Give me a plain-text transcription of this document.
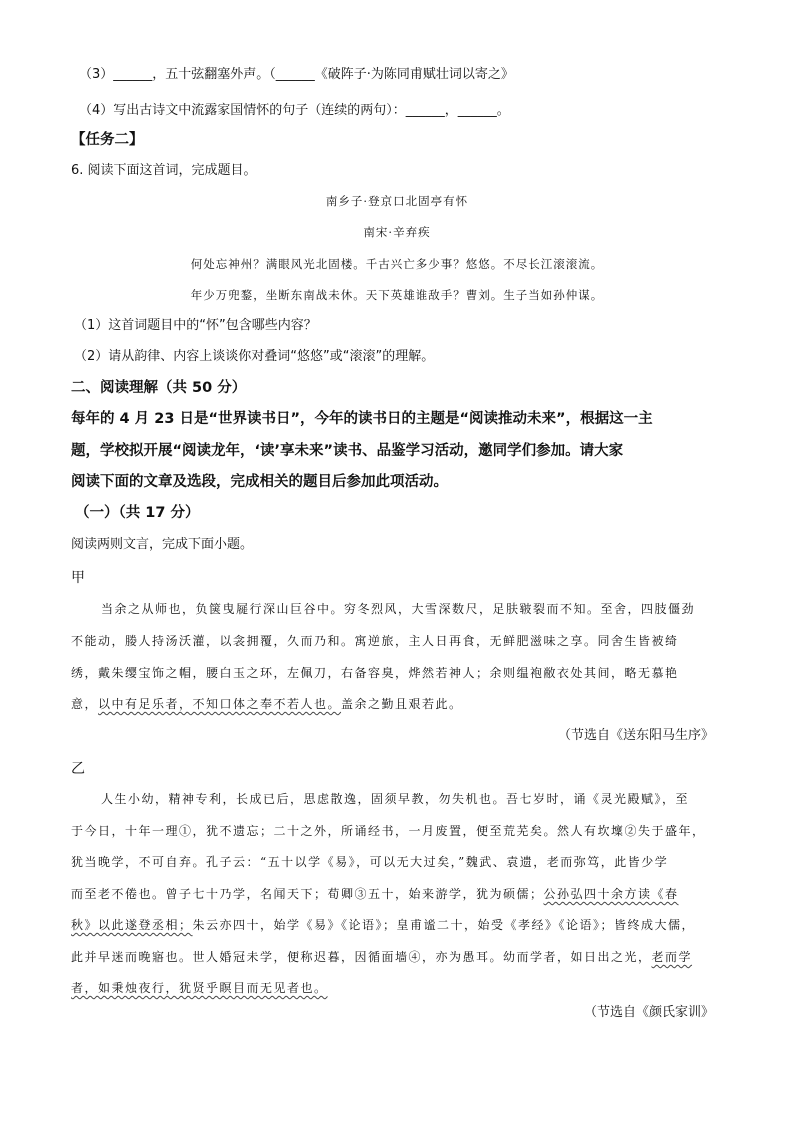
（3）______，五十弦翻塞外声。（______《破阵子·为陈同甫赋壮词以寄之》
（4）写出古诗文中流露家国情怀的句子（连续的两句）：______，______。
【任务二】
6. 阅读下面这首词，完成题目。
南乡子·登京口北固亭有怀
南宋·辛弃疾
何处忘神州？满眼风光北固楼。千古兴亡多少事？悠悠。不尽长江滚滚流。
年少万兜鍪，坐断东南战未休。天下英雄谁敌手？曹刘。生子当如孙仲谋。
（1）这首词题目中的“怀”包含哪些内容？
（2）请从韵律、内容上谈谈你对叠词“悠悠”或“滚滚”的理解。
二、阅读理解（共 50 分）
每年的 4 月 23 日是“世界读书日”，今年的读书日的主题是“阅读推动未来”，根据这一主
题，学校拟开展“阅读龙年，‘读’享未来”读书、品鉴学习活动，邀同学们参加。请大家
阅读下面的文章及选段，完成相关的题目后参加此项活动。
（一）（共 17 分）
阅读两则文言，完成下面小题。
甲
当余之从师也，负箧曳屣行深山巨谷中。穷冬烈风，大雪深数尺，足肤皲裂而不知。至舍，四肢僵劲
不能动，媵人持汤沃灌，以衾拥覆，久而乃和。寓逆旅，主人日再食，无鲜肥滋味之享。同舍生皆被绮
绣，戴朱缨宝饰之帽，腰白玉之环，左佩刀，右备容臭，烨然若神人；余则缊袍敝衣处其间，略无慕艳
意，以中有足乐者，不知口体之奉不若人也。盖余之勤且艰若此。
（节选自《送东阳马生序》
乙
人生小幼，精神专利，长成已后，思虑散逸，固须早教，勿失机也。吾七岁时，诵《灵光殿赋》，至
于今日，十年一理①，犹不遗忘；二十之外，所诵经书，一月废置，便至荒芜矣。然人有坎壈②失于盛年，
犹当晚学，不可自弃。孔子云：“五十以学《易》，可以无大过矣，”魏武、袁遗，老而弥笃，此皆少学
而至老不倦也。曾子七十乃学，名闻天下；荀卿③五十，始来游学，犹为硕儒；公孙弘四十余方读《春
秋》以此遂登丞相；朱云亦四十，始学《易》《论语》；皇甫谧二十，始受《孝经》《论语》；皆终成大儒，
此并早迷而晚寤也。世人婚冠未学，便称迟暮，因循面墙④，亦为愚耳。幼而学者，如日出之光，老而学
者，如秉烛夜行，犹贤乎瞑目而无见者也。
（节选自《颜氏家训》
